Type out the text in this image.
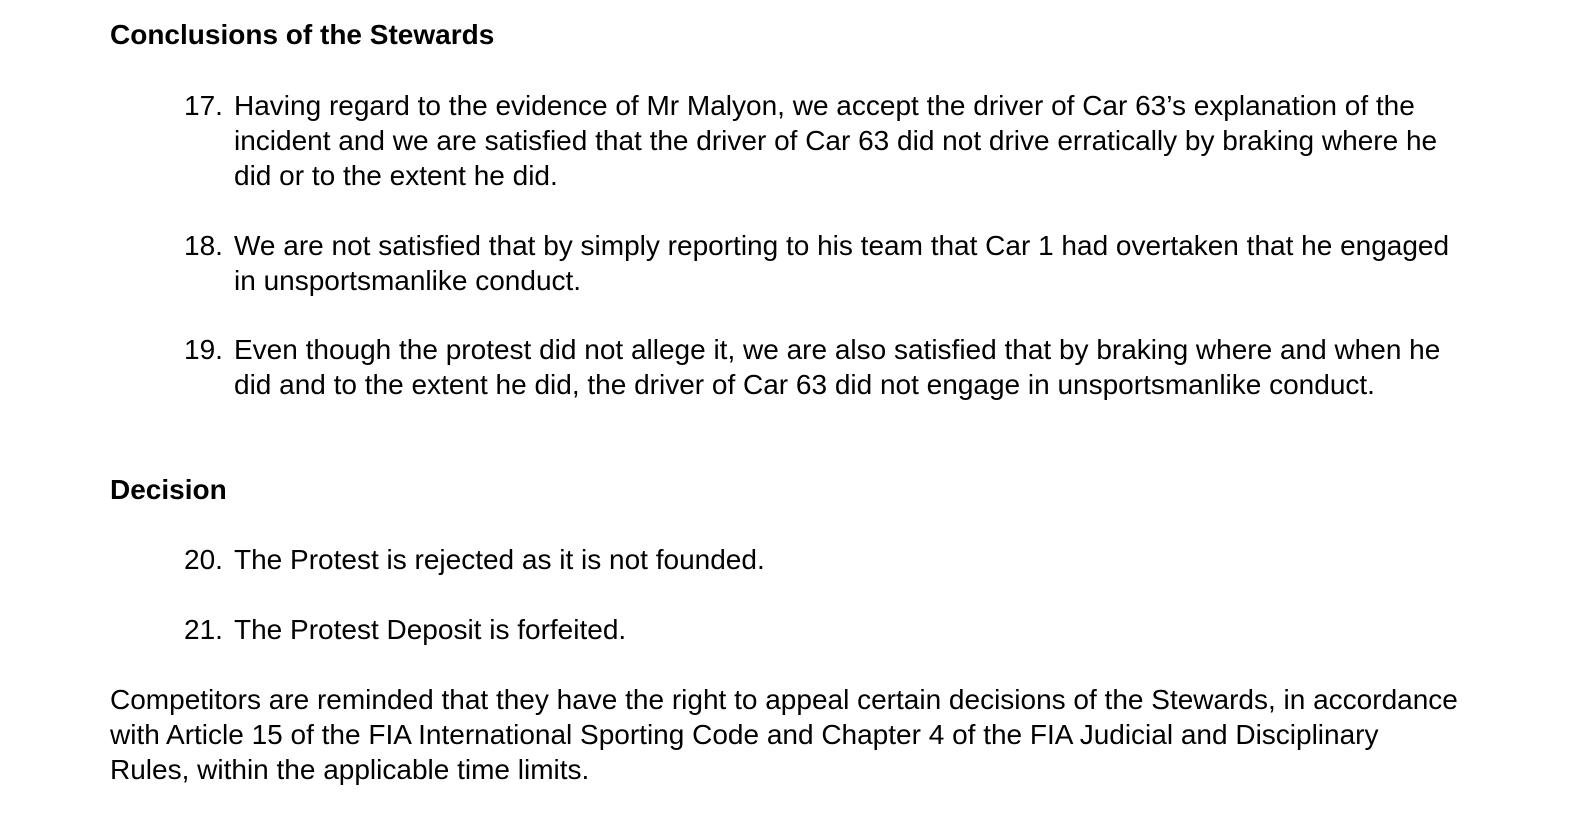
Conclusions of the Stewards
17. Having regard to the evidence of Mr Malyon, we accept the driver of Car 63’s explanation of the incident and we are satisfied that the driver of Car 63 did not drive erratically by braking where he did or to the extent he did.
18. We are not satisfied that by simply reporting to his team that Car 1 had overtaken that he engaged in unsportsmanlike conduct.
19. Even though the protest did not allege it, we are also satisfied that by braking where and when he did and to the extent he did, the driver of Car 63 did not engage in unsportsmanlike conduct.
Decision
20. The Protest is rejected as it is not founded.
21. The Protest Deposit is forfeited.

Competitors are reminded that they have the right to appeal certain decisions of the Stewards, in accordance with Article 15 of the FIA International Sporting Code and Chapter 4 of the FIA Judicial and Disciplinary Rules, within the applicable time limits.
